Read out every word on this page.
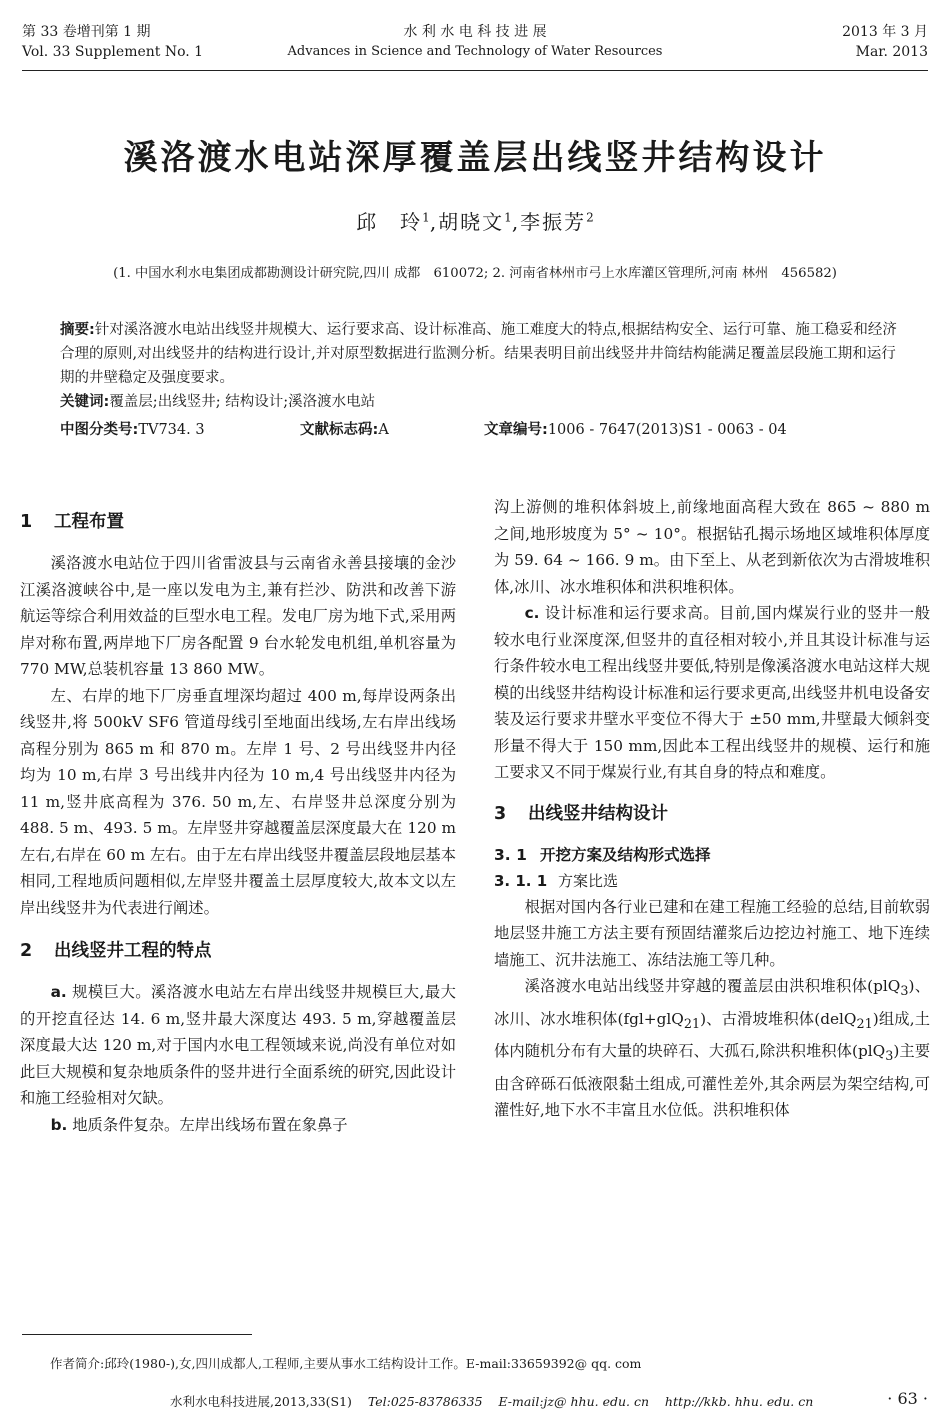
第 33 卷增刊第 1 期
Vol. 33 Supplement No. 1
水 利 水 电 科 技 进 展
Advances in Science and Technology of Water Resources
2013 年 3 月
Mar. 2013
溪洛渡水电站深厚覆盖层出线竖井结构设计
邱　玲$^1$,胡晓文$^1$,李振芳$^2$
(1. 中国水利水电集团成都勘测设计研究院,四川 成都　610072; 2. 河南省林州市弓上水库灌区管理所,河南 林州　456582)
摘要:针对溪洛渡水电站出线竖井规模大、运行要求高、设计标准高、施工难度大的特点,根据结构安全、运行可靠、施工稳妥和经济合理的原则,对出线竖井的结构进行设计,并对原型数据进行监测分析。结果表明目前出线竖井井筒结构能满足覆盖层段施工期和运行期的井壁稳定及强度要求。
关键词:覆盖层;出线竖井; 结构设计;溪洛渡水电站
中图分类号:TV734. 3	文献标志码:A	文章编号:1006 - 7647(2013)S1 - 0063 - 04
1 工程布置

溪洛渡水电站位于四川省雷波县与云南省永善县接壤的金沙江溪洛渡峡谷中,是一座以发电为主,兼有拦沙、防洪和改善下游航运等综合利用效益的巨型水电工程。发电厂房为地下式,采用两岸对称布置,两岸地下厂房各配置 9 台水轮发电机组,单机容量为 770 MW,总装机容量 13 860 MW。

左、右岸的地下厂房垂直埋深均超过 400 m,每岸设两条出线竖井,将 500kV SF6 管道母线引至地面出线场,左右岸出线场高程分别为 865 m 和 870 m。左岸 1 号、2 号出线竖井内径均为 10 m,右岸 3 号出线井内径为 10 m,4 号出线竖井内径为 11 m,竖井底高程为 376. 50 m,左、右岸竖井总深度分别为 488. 5 m、493. 5 m。左岸竖井穿越覆盖层深度最大在 120 m 左右,右岸在 60 m 左右。由于左右岸出线竖井覆盖层段地层基本相同,工程地质问题相似,左岸竖井覆盖土层厚度较大,故本文以左岸出线竖井为代表进行阐述。

2 出线竖井工程的特点

a. 规模巨大。溪洛渡水电站左右岸出线竖井规模巨大,最大的开挖直径达 14. 6 m,竖井最大深度达 493. 5 m,穿越覆盖层深度最大达 120 m,对于国内水电工程领域来说,尚没有单位对如此巨大规模和复杂地质条件的竖井进行全面系统的研究,因此设计和施工经验相对欠缺。

b. 地质条件复杂。左岸出线场布置在象鼻子

沟上游侧的堆积体斜坡上,前缘地面高程大致在 865 ~ 880 m 之间,地形坡度为 5° ~ 10°。根据钻孔揭示场地区域堆积体厚度为 59. 64 ~ 166. 9 m。由下至上、从老到新依次为古滑坡堆积体,冰川、冰水堆积体和洪积堆积体。

c. 设计标准和运行要求高。目前,国内煤炭行业的竖井一般较水电行业深度深,但竖井的直径相对较小,并且其设计标准与运行条件较水电工程出线竖井要低,特别是像溪洛渡水电站这样大规模的出线竖井结构设计标准和运行要求更高,出线竖井机电设备安装及运行要求井壁水平变位不得大于 ±50 mm,井壁最大倾斜变形量不得大于 150 mm,因此本工程出线竖井的规模、运行和施工要求又不同于煤炭行业,有其自身的特点和难度。

3 出线竖井结构设计
3. 1 开挖方案及结构形式选择
3. 1. 1 方案比选

根据对国内各行业已建和在建工程施工经验的总结,目前软弱地层竖井施工方法主要有预固结灌浆后边挖边衬施工、地下连续墙施工、沉井法施工、冻结法施工等几种。

溪洛渡水电站出线竖井穿越的覆盖层由洪积堆积体(plQ$_3$)、冰川、冰水堆积体(fgl+glQ$_{21}$)、古滑坡堆积体(delQ$_{21}$)组成,土体内随机分布有大量的块碎石、大孤石,除洪积堆积体(plQ$_3$)主要由含碎砾石低液限黏土组成,可灌性差外,其余两层为架空结构,可灌性好,地下水不丰富且水位低。洪积堆积体

作者简介:邱玲(1980-),女,四川成都人,工程师,主要从事水工结构设计工作。E-mail:33659392@ qq. com
水利水电科技进展,2013,33(S1) Tel:025-83786335 E-mail:jz@ hhu. edu. cn http://kkb. hhu. edu. cn	· 63 ·
